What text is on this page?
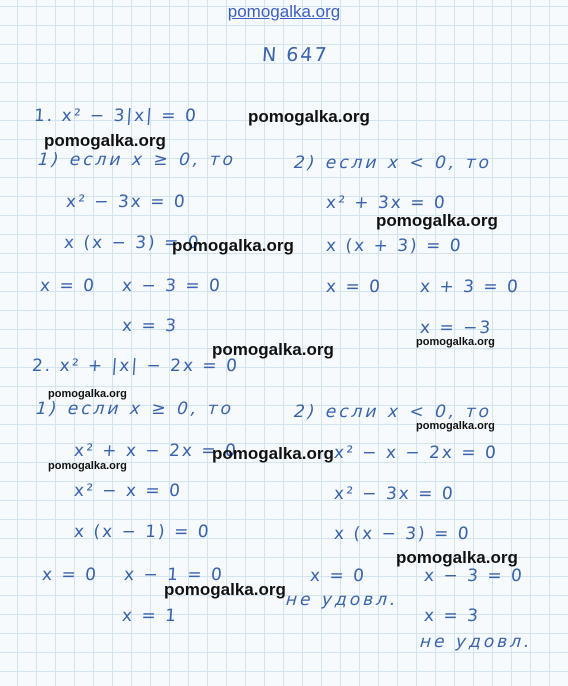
pomogalka.org
N 647
1. x² − 3|x| = 0
1) если x ≥ 0, то
x² − 3x = 0
x (x − 3) = 0
x = 0 x − 3 = 0
x = 3
2) если x < 0, то
x² + 3x = 0
x (x + 3) = 0
x = 0 x + 3 = 0
x = −3
2. x² + |x| − 2x = 0
1) если x ≥ 0, то
x² + x − 2x = 0
x² − x = 0
x (x − 1) = 0
x = 0 x − 1 = 0
x = 1
2) если x < 0, то
x² − x − 2x = 0
x² − 3x = 0
x (x − 3) = 0
x = 0
не удовл.
x − 3 = 0
x = 3
не удовл.
pomogalka.org
pomogalka.org
pomogalka.org
pomogalka.org
pomogalka.org
pomogalka.org
pomogalka.org
pomogalka.org
pomogalka.org
pomogalka.org
pomogalka.org
pomogalka.org
